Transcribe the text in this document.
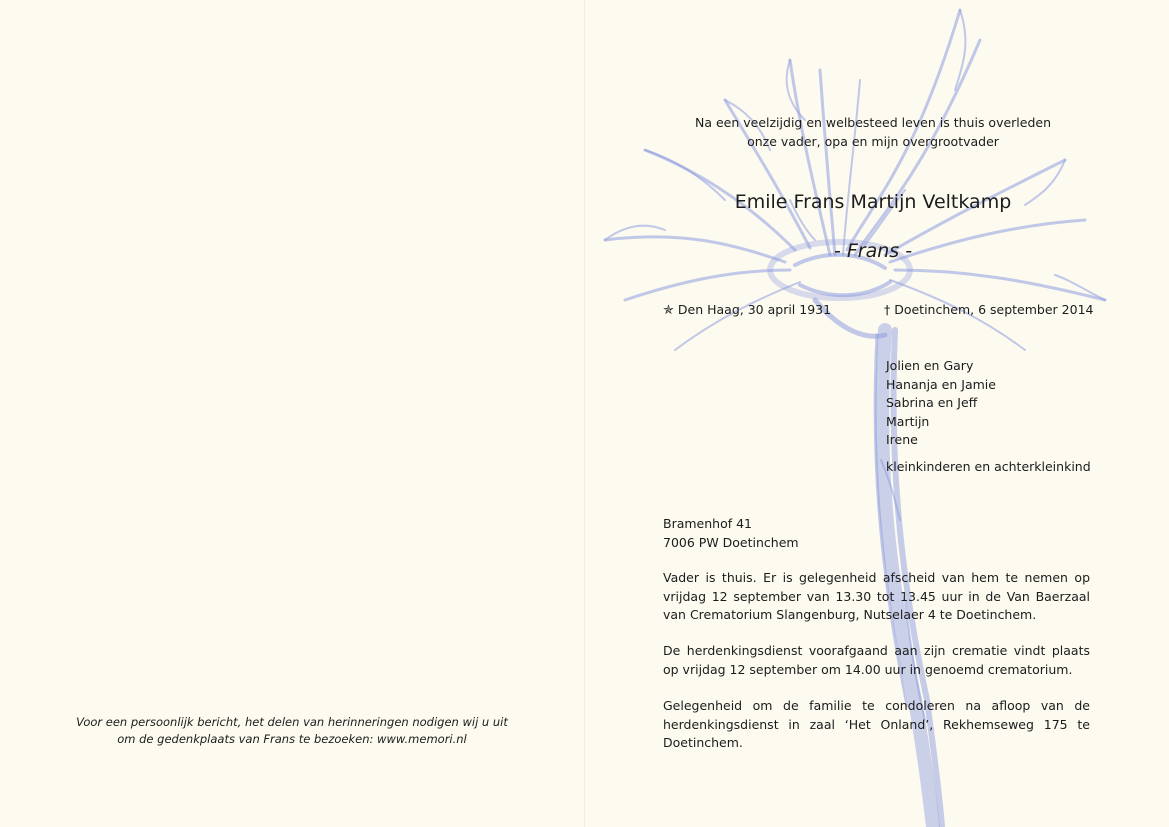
Voor een persoonlijk bericht, het delen van herinneringen nodigen wij u uit
om de gedenkplaats van Frans te bezoeken: www.memori.nl
Na een veelzijdig en welbesteed leven is thuis overleden
onze vader, opa en mijn overgrootvader
Emile Frans Martijn Veltkamp
- Frans -
✯ Den Haag, 30 april 1931	† Doetinchem, 6 september 2014
Jolien en Gary
Hananja en Jamie
Sabrina en Jeff
Martijn
Irene
kleinkinderen en achterkleinkind
Bramenhof 41
7006 PW Doetinchem
Vader is thuis. Er is gelegenheid afscheid van hem te nemen op vrijdag 12 september van 13.30 tot 13.45 uur in de Van Baerzaal van Crematorium Slangenburg, Nutselaer 4 te Doetinchem.
De herdenkingsdienst voorafgaand aan zijn crematie vindt plaats op vrijdag 12 september om 14.00 uur in genoemd crematorium.
Gelegenheid om de familie te condoleren na afloop van de herdenkingsdienst in zaal ‘Het Onland’, Rekhemseweg 175 te Doetinchem.
